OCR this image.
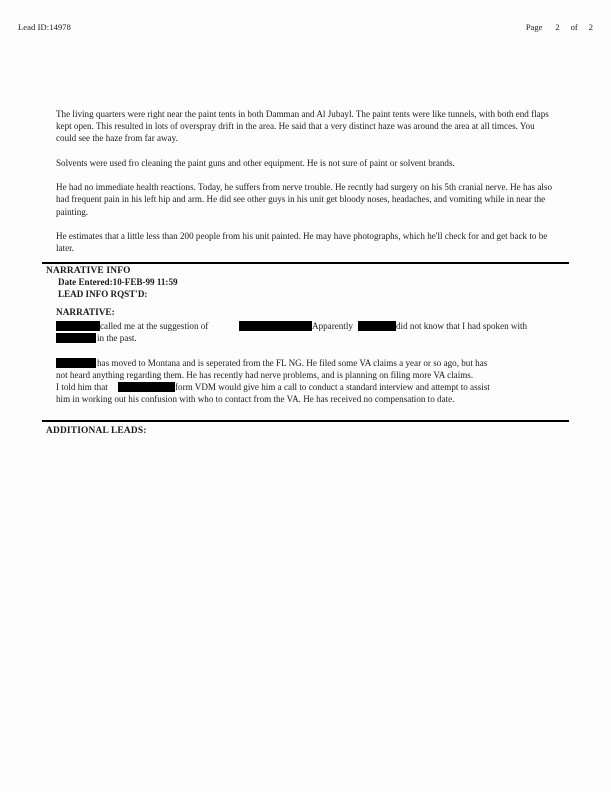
Lead ID:14978	Page 2 of 2

The living quarters were right near the paint tents in both Damman and Al Jubayl. The paint tents were like tunnels, with both end flaps kept open. This resulted in lots of overspray drift in the area. He said that a very distinct haze was around the area at all timces. You could see the haze from far away.

Solvents were used fro cleaning the paint guns and other equipment. He is not sure of paint or solvent brands.

He had no immediate health reactions. Today, he suffers from nerve trouble. He recntly had surgery on his 5th cranial nerve. He has also had frequent pain in his left hip and arm. He did see other guys in his unit get bloody noses, headaches, and vomiting while in near the painting.

He estimates that a little less than 200 people from his unit painted. He may have photographs, which he'll check for and get back to be later.

NARRATIVE INFO
Date Entered:10-FEB-99 11:59
LEAD INFO RQST'D:
NARRATIVE:
called me at the suggestion of	Apparently	did not know that I had spoken with
in the past.
has moved to Montana and is seperated from the FL NG. He filed some VA claims a year or so ago, but has
not heard anything regarding them. He has recently had nerve problems, and is planning on filing more VA claims.
I told him that	form VDM would give him a call to conduct a standard interview and attempt to assist
him in working out his confusion with who to contact from the VA. He has received no compensation to date.
ADDITIONAL LEADS:
